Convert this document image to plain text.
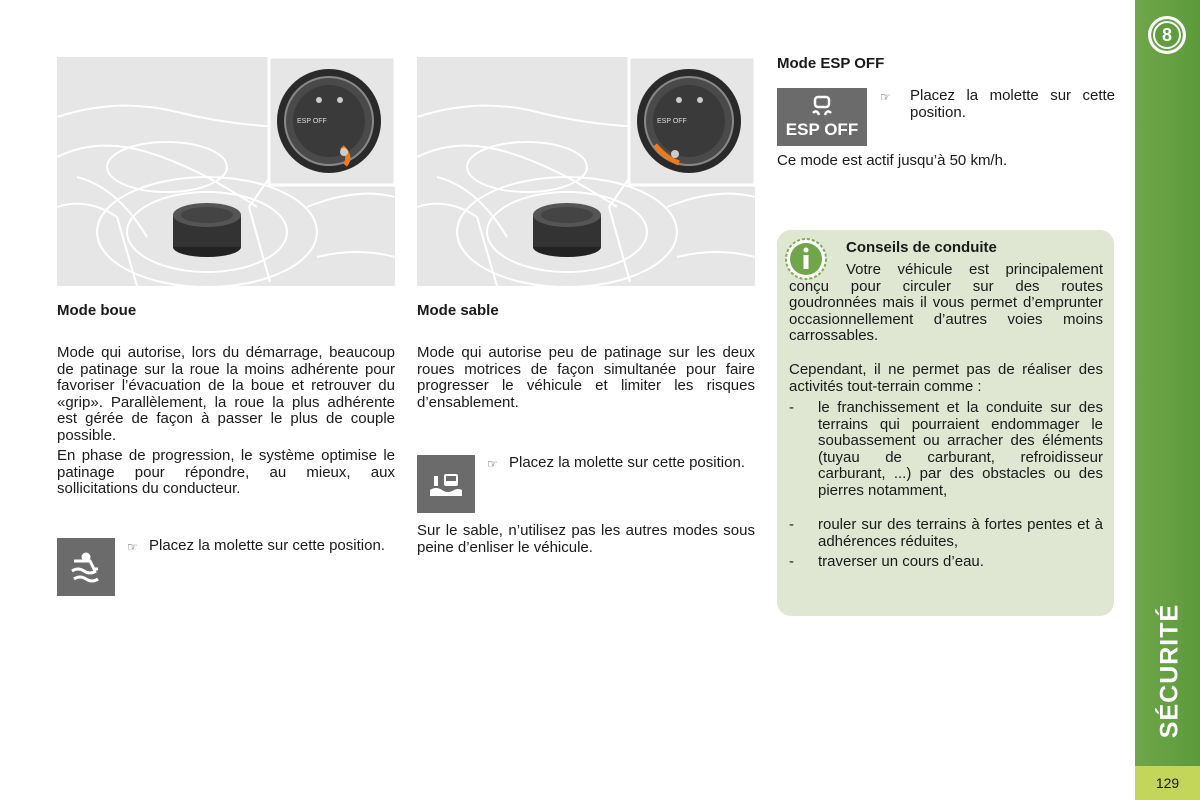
8
SÉCURITÉ
129
ESP OFF	ESP OFF
Mode boue

Mode qui autorise, lors du démarrage, beaucoup de patinage sur la roue la moins adhérente pour favoriser l’évacuation de la boue et retrouver du «grip». Parallèlement, la roue la plus adhérente est gérée de façon à passer le plus de couple possible.

En phase de progression, le système optimise le patinage pour répondre, au mieux, aux sollicitations du conducteur.

☞ Placez la molette sur cette position.
Mode sable
Mode qui autorise peu de patinage sur les deux roues motrices de façon simultanée pour faire progresser le véhicule et limiter les risques d’ensablement.
☞ Placez la molette sur cette position.
Sur le sable, n’utilisez pas les autres modes sous peine d’enliser le véhicule.
Mode ESP OFF
ESP OFF
☞	Placez la molette sur cette position.
Ce mode est actif jusqu’à 50 km/h.
Conseils de conduite
Votre véhicule est principalement conçu pour circuler sur des routes goudronnées mais il vous permet d’emprunter occasionnellement d’autres voies moins carrossables.
Cependant, il ne permet pas de réaliser des activités tout-terrain comme :
-	le franchissement et la conduite sur des terrains qui pourraient endommager le soubassement ou arracher des éléments (tuyau de carburant, refroidisseur carburant, ...) par des obstacles ou des pierres notamment,
-	rouler sur des terrains à fortes pentes et à adhérences réduites,
-	traverser un cours d’eau.
